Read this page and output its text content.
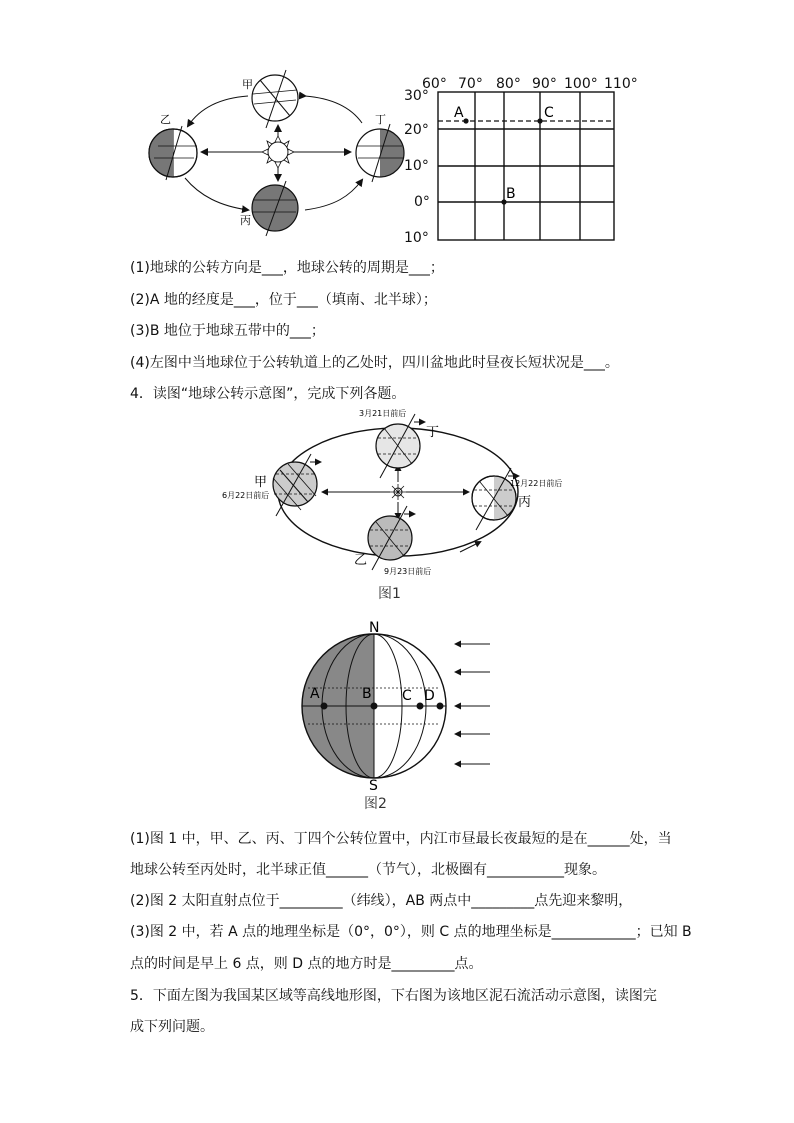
甲
乙	丁
丙
60° 70° 80° 90° 100° 110°
30°
20°
10°
0°
10°
A	C
B
(1)地球的公转方向是___，地球公转的周期是___；
(2)A 地的经度是___，位于___（填南、北半球）；
(3)B 地位于地球五带中的___；
(4)左图中当地球位于公转轨道上的乙处时，四川盆地此时昼夜长短状况是___。
4．读图“地球公转示意图”，完成下列各题。
3月21日前后
丁
甲
6月22日前后
12月22日前后
丙
乙
9月23日前后
图1
N
S
A	B C D
图2
(1)图 1 中，甲、乙、丙、丁四个公转位置中，内江市昼最长夜最短的是在______处，当
地球公转至丙处时，北半球正值______（节气），北极圈有___________现象。
(2)图 2 太阳直射点位于_________（纬线），AB 两点中_________点先迎来黎明，
(3)图 2 中，若 A 点的地理坐标是（0°，0°），则 C 点的地理坐标是____________；已知 B
点的时间是早上 6 点，则 D 点的地方时是_________点。
5．下面左图为我国某区域等高线地形图，下右图为该地区泥石流活动示意图，读图完
成下列问题。
